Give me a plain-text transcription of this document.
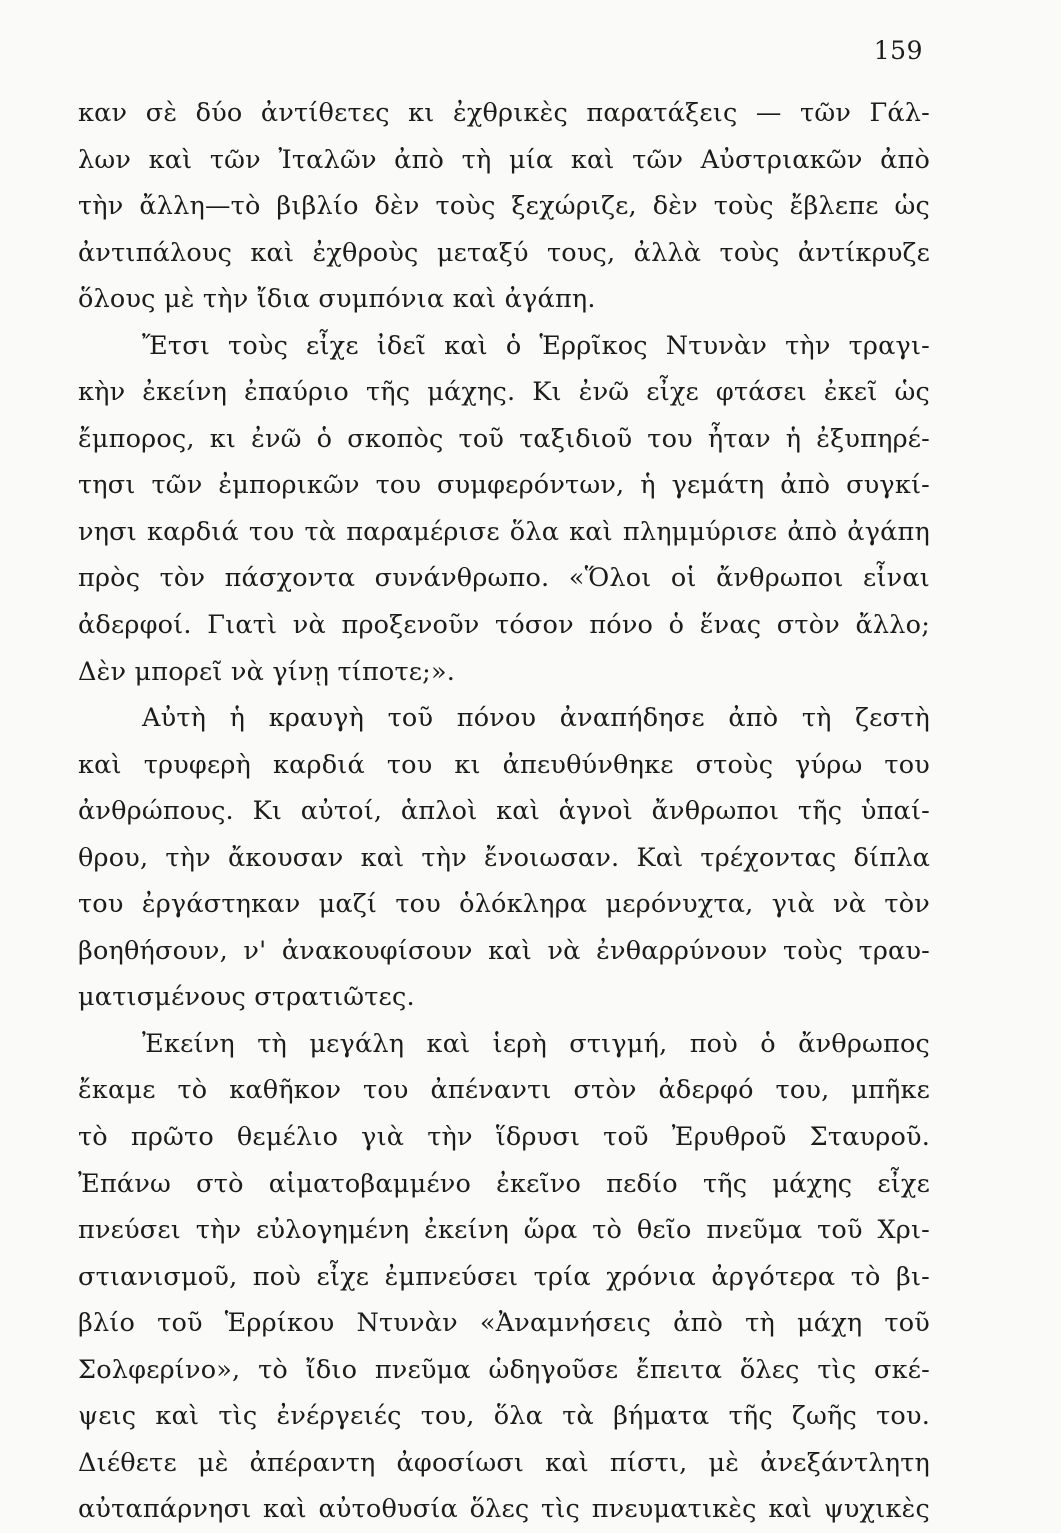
159
καν σὲ δύο ἀντίθετες κι ἐχθρικὲς παρατάξεις — τῶν Γάλ-
λων καὶ τῶν Ἰταλῶν ἀπὸ τὴ μία καὶ τῶν Αὐστριακῶν ἀπὸ
τὴν ἄλλη—τὸ βιβλίο δὲν τοὺς ξεχώριζε, δὲν τοὺς ἔβλεπε ὡς
ἀντιπάλους καὶ ἐχθροὺς μεταξύ τους, ἀλλὰ τοὺς ἀντίκρυζε
ὅλους μὲ τὴν ἴδια συμπόνια καὶ ἀγάπη.
Ἔτσι τοὺς εἶχε ἰδεῖ καὶ ὁ Ἑρρῖκος Ντυνὰν τὴν τραγι-
κὴν ἐκείνη ἐπαύριο τῆς μάχης. Κι ἐνῶ εἶχε φτάσει ἐκεῖ ὡς
ἔμπορος, κι ἐνῶ ὁ σκοπὸς τοῦ ταξιδιοῦ του ἦταν ἡ ἐξυπηρέ-
τησι τῶν ἐμπορικῶν του συμφερόντων, ἡ γεμάτη ἀπὸ συγκί-
νησι καρδιά του τὰ παραμέρισε ὅλα καὶ πλημμύρισε ἀπὸ ἀγάπη
πρὸς τὸν πάσχοντα συνάνθρωπο. «Ὅλοι οἱ ἄνθρωποι εἶναι
ἀδερφοί. Γιατὶ νὰ προξενοῦν τόσον πόνο ὁ ἕνας στὸν ἄλλο;
Δὲν μπορεῖ νὰ γίνῃ τίποτε;».
Αὐτὴ ἡ κραυγὴ τοῦ πόνου ἀναπήδησε ἀπὸ τὴ ζεστὴ
καὶ τρυφερὴ καρδιά του κι ἀπευθύνθηκε στοὺς γύρω του
ἀνθρώπους. Κι αὐτοί, ἁπλοὶ καὶ ἁγνοὶ ἄνθρωποι τῆς ὑπαί-
θρου, τὴν ἄκουσαν καὶ τὴν ἔνοιωσαν. Καὶ τρέχοντας δίπλα
του ἐργάστηκαν μαζί του ὁλόκληρα μερόνυχτα, γιὰ νὰ τὸν
βοηθήσουν, ν' ἀνακουφίσουν καὶ νὰ ἐνθαρρύνουν τοὺς τραυ-
ματισμένους στρατιῶτες.
Ἐκείνη τὴ μεγάλη καὶ ἱερὴ στιγμή, ποὺ ὁ ἄνθρωπος
ἔκαμε τὸ καθῆκον του ἀπέναντι στὸν ἀδερφό του, μπῆκε
τὸ πρῶτο θεμέλιο γιὰ τὴν ἵδρυσι τοῦ Ἐρυθροῦ Σταυροῦ.
Ἐπάνω στὸ αἱματοβαμμένο ἐκεῖνο πεδίο τῆς μάχης εἶχε
πνεύσει τὴν εὐλογημένη ἐκείνη ὥρα τὸ θεῖο πνεῦμα τοῦ Χρι-
στιανισμοῦ, ποὺ εἶχε ἐμπνεύσει τρία χρόνια ἀργότερα τὸ βι-
βλίο τοῦ Ἑρρίκου Ντυνὰν «Ἀναμνήσεις ἀπὸ τὴ μάχη τοῦ
Σολφερίνο», τὸ ἴδιο πνεῦμα ὡδηγοῦσε ἔπειτα ὅλες τὶς σκέ-
ψεις καὶ τὶς ἐνέργειές του, ὅλα τὰ βήματα τῆς ζωῆς του.
Διέθετε μὲ ἀπέραντη ἀφοσίωσι καὶ πίστι, μὲ ἀνεξάντλητη
αὐταπάρνησι καὶ αὐτοθυσία ὅλες τὶς πνευματικὲς καὶ ψυχικὲς
